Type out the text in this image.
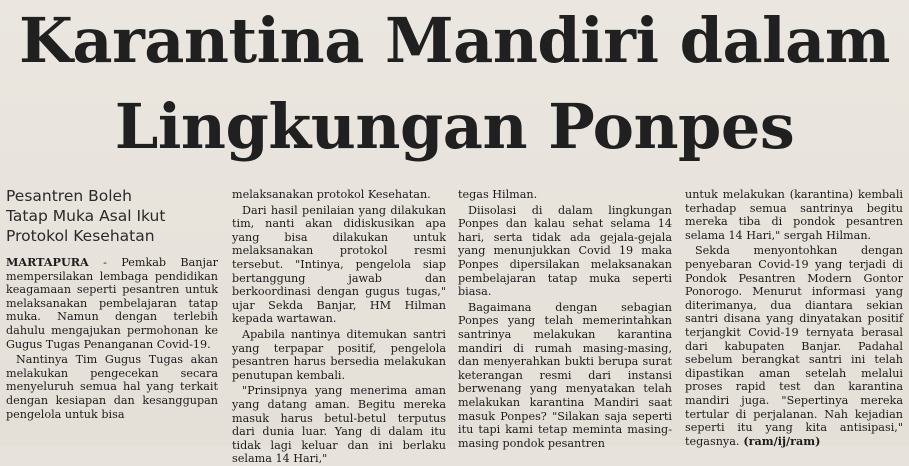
Karantina Mandiri dalam
Lingkungan Ponpes
Pesantren Boleh
Tatap Muka Asal Ikut
Protokol Kesehatan

MARTAPURA - Pemkab Banjar mempersilakan lembaga pendidikan keagamaan seperti pesantren untuk melaksanakan pembelajaran tatap muka. Namun dengan terlebih dahulu mengajukan permohonan ke Gugus Tugas Penanganan Covid-19.

Nantinya Tim Gugus Tugas akan melakukan pengecekan secara menyeluruh semua hal yang terkait dengan kesiapan dan kesanggupan pengelola untuk bisa

melaksanakan protokol Kesehatan.

Dari hasil penilaian yang dilakukan tim, nanti akan didiskusikan apa yang bisa dilakukan untuk melaksanakan protokol resmi tersebut. "Intinya, pengelola siap bertanggung jawab dan berkoordinasi dengan gugus tugas," ujar Sekda Banjar, HM Hilman kepada wartawan.

Apabila nantinya ditemukan santri yang terpapar positif, pengelola pesantren harus bersedia melakukan penutupan kembali.

"Prinsipnya yang menerima aman yang datang aman. Begitu mereka masuk harus betul-betul terputus dari dunia luar. Yang di dalam itu tidak lagi keluar dan ini berlaku selama 14 Hari,"

tegas Hilman.

Diisolasi di dalam lingkungan Ponpes dan kalau sehat selama 14 hari, serta tidak ada gejala-gejala yang menunjukkan Covid 19 maka Ponpes dipersilakan melaksanakan pembelajaran tatap muka seperti biasa.

Bagaimana dengan sebagian Ponpes yang telah memerintahkan santrinya melakukan karantina mandiri di rumah masing-masing, dan menyerahkan bukti berupa surat keterangan resmi dari instansi berwenang yang menyatakan telah melakukan karantina Mandiri saat masuk Ponpes? "Silakan saja seperti itu tapi kami tetap meminta masing-masing pondok pesantren

untuk melakukan (karantina) kembali terhadap semua santrinya begitu mereka tiba di pondok pesantren selama 14 Hari," sergah Hilman.

Sekda menyontohkan dengan penyebaran Covid-19 yang terjadi di Pondok Pesantren Modern Gontor Ponorogo. Menurut informasi yang diterimanya, dua diantara sekian santri disana yang dinyatakan positif terjangkit Covid-19 ternyata berasal dari kabupaten Banjar. Padahal sebelum berangkat santri ini telah dipastikan aman setelah melalui proses rapid test dan karantina mandiri juga. "Sepertinya mereka tertular di perjalanan. Nah kejadian seperti itu yang kita antisipasi," tegasnya. (ram/ij/ram)
